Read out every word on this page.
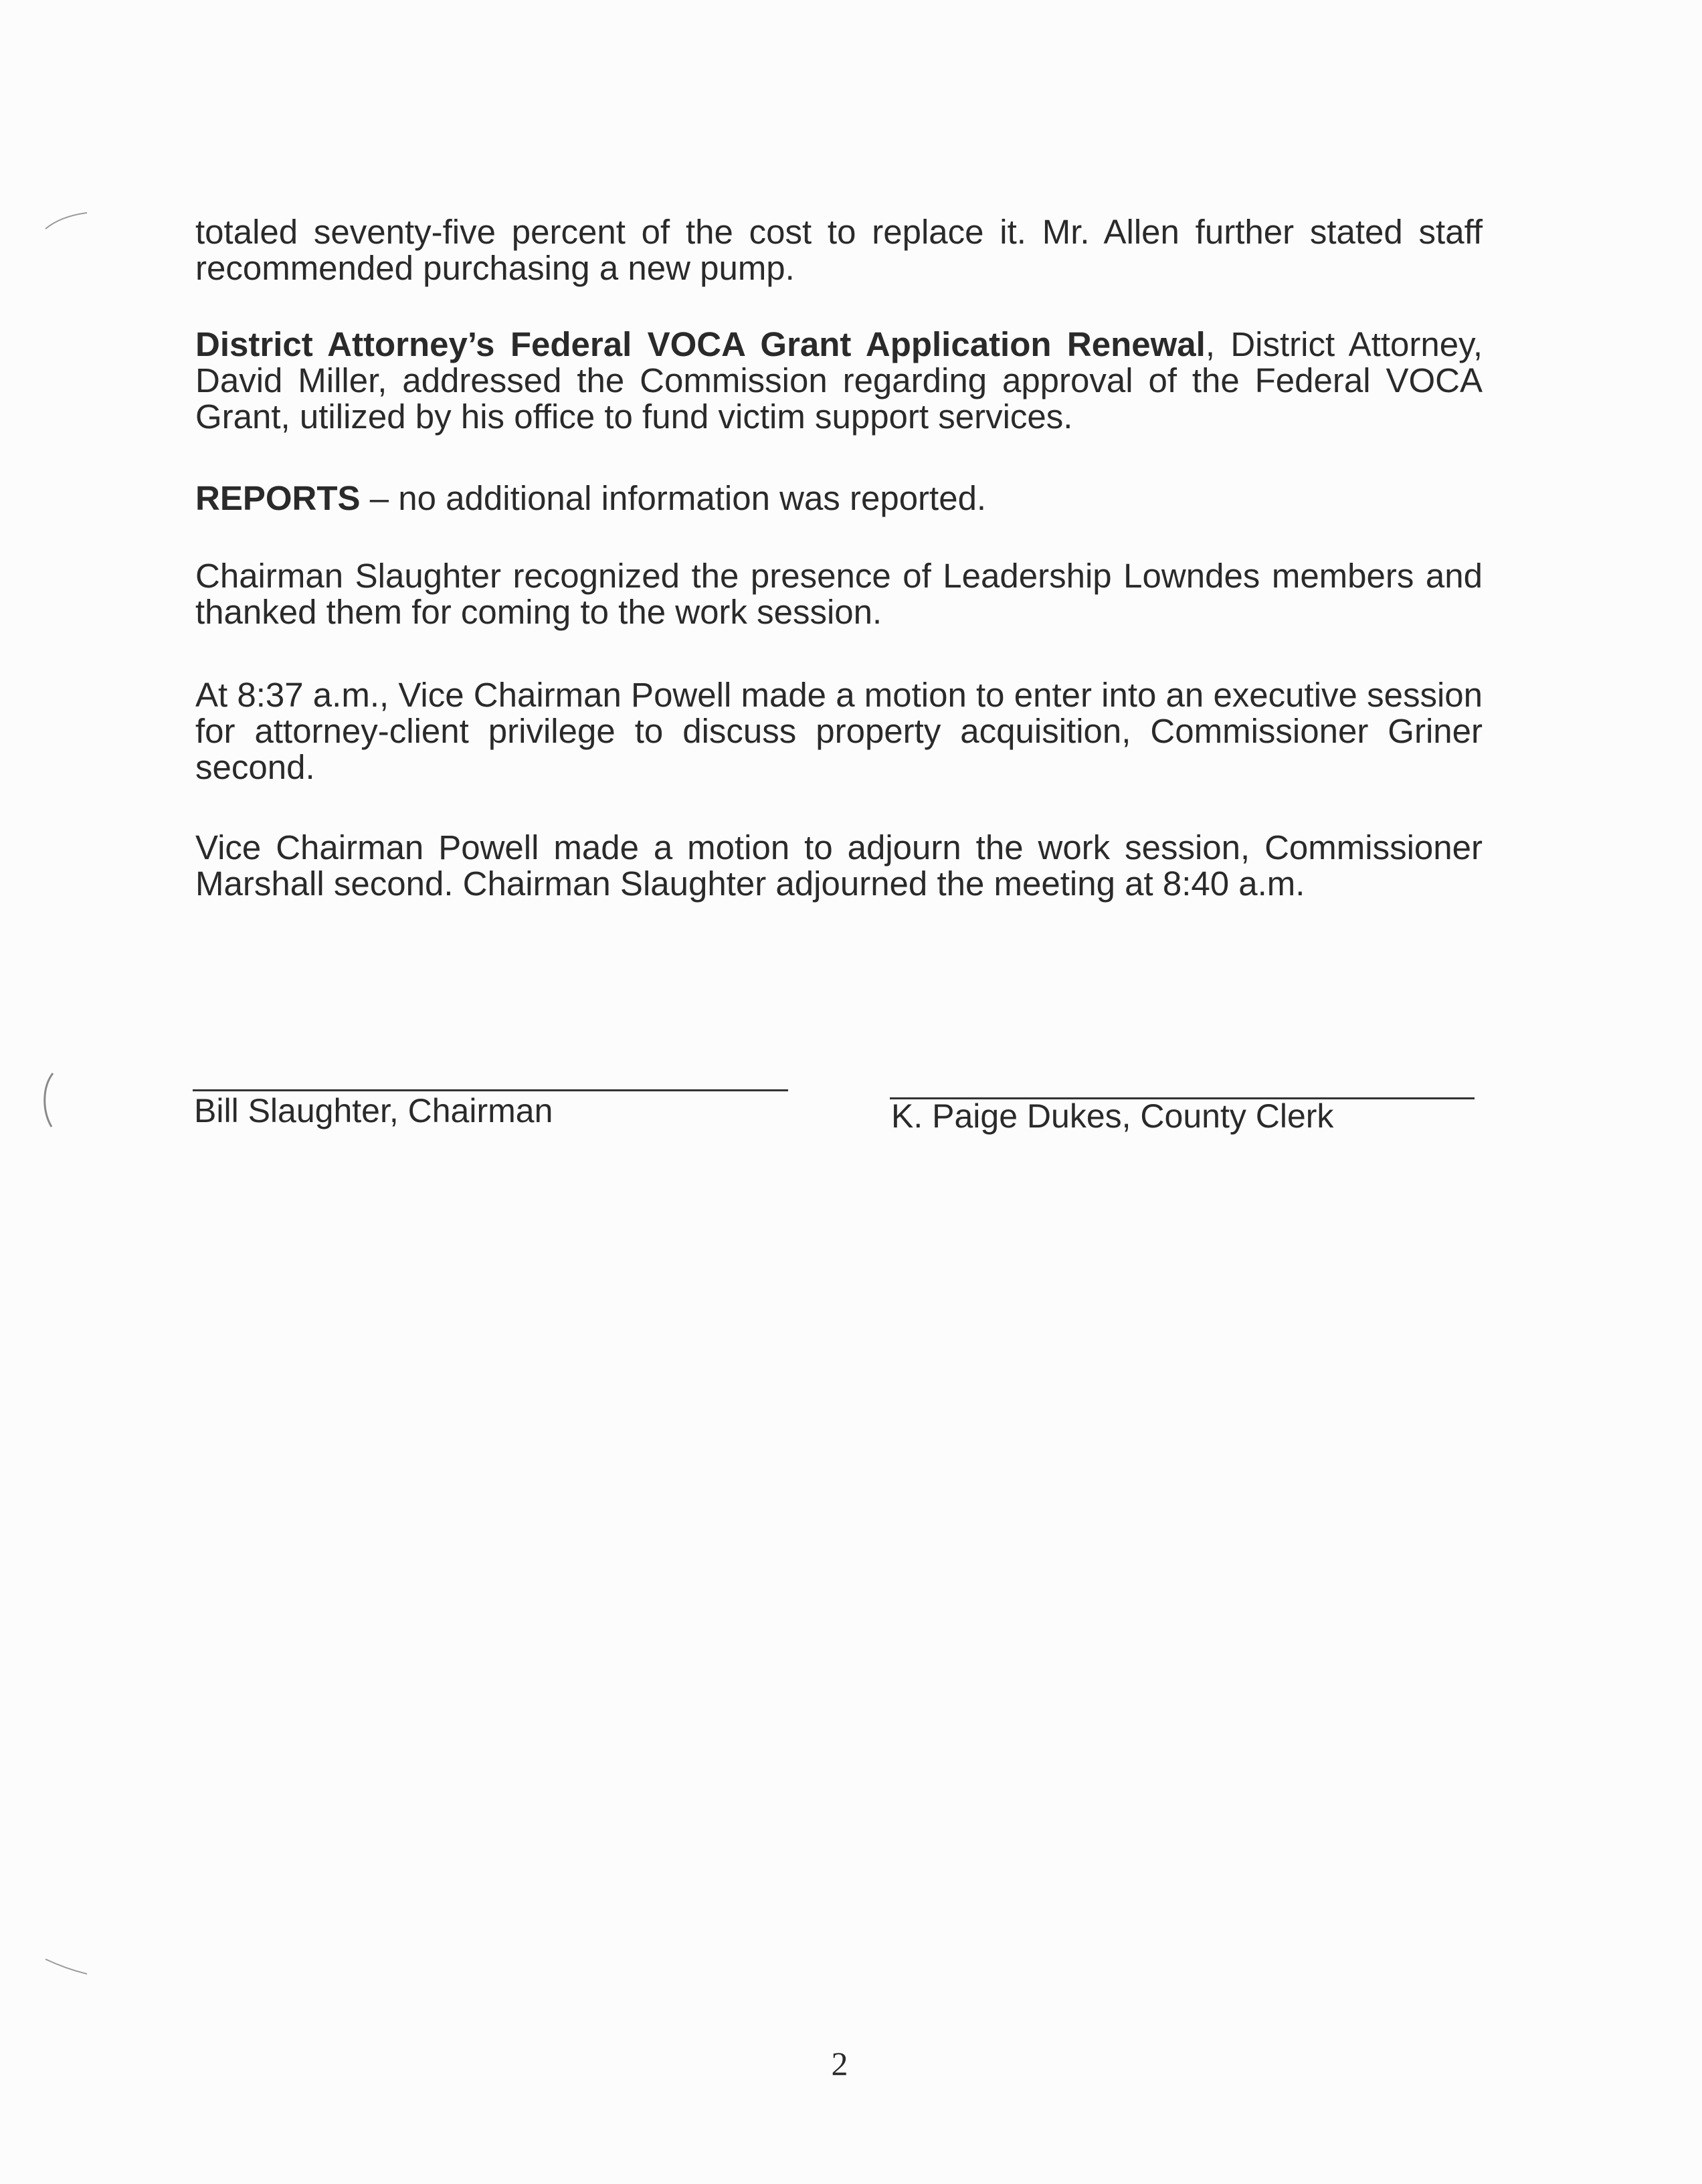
totaled seventy-five percent of the cost to replace it. Mr. Allen further stated staff recommended purchasing a new pump.

District Attorney’s Federal VOCA Grant Application Renewal, District Attorney, David Miller, addressed the Commission regarding approval of the Federal VOCA Grant, utilized by his office to fund victim support services.

REPORTS – no additional information was reported.

Chairman Slaughter recognized the presence of Leadership Lowndes members and thanked them for coming to the work session.

At 8:37 a.m., Vice Chairman Powell made a motion to enter into an executive session for attorney-client privilege to discuss property acquisition, Commissioner Griner second.

Vice Chairman Powell made a motion to adjourn the work session, Commissioner Marshall second. Chairman Slaughter adjourned the meeting at 8:40 a.m.

Bill Slaughter, Chairman	K. Paige Dukes, County Clerk
2
